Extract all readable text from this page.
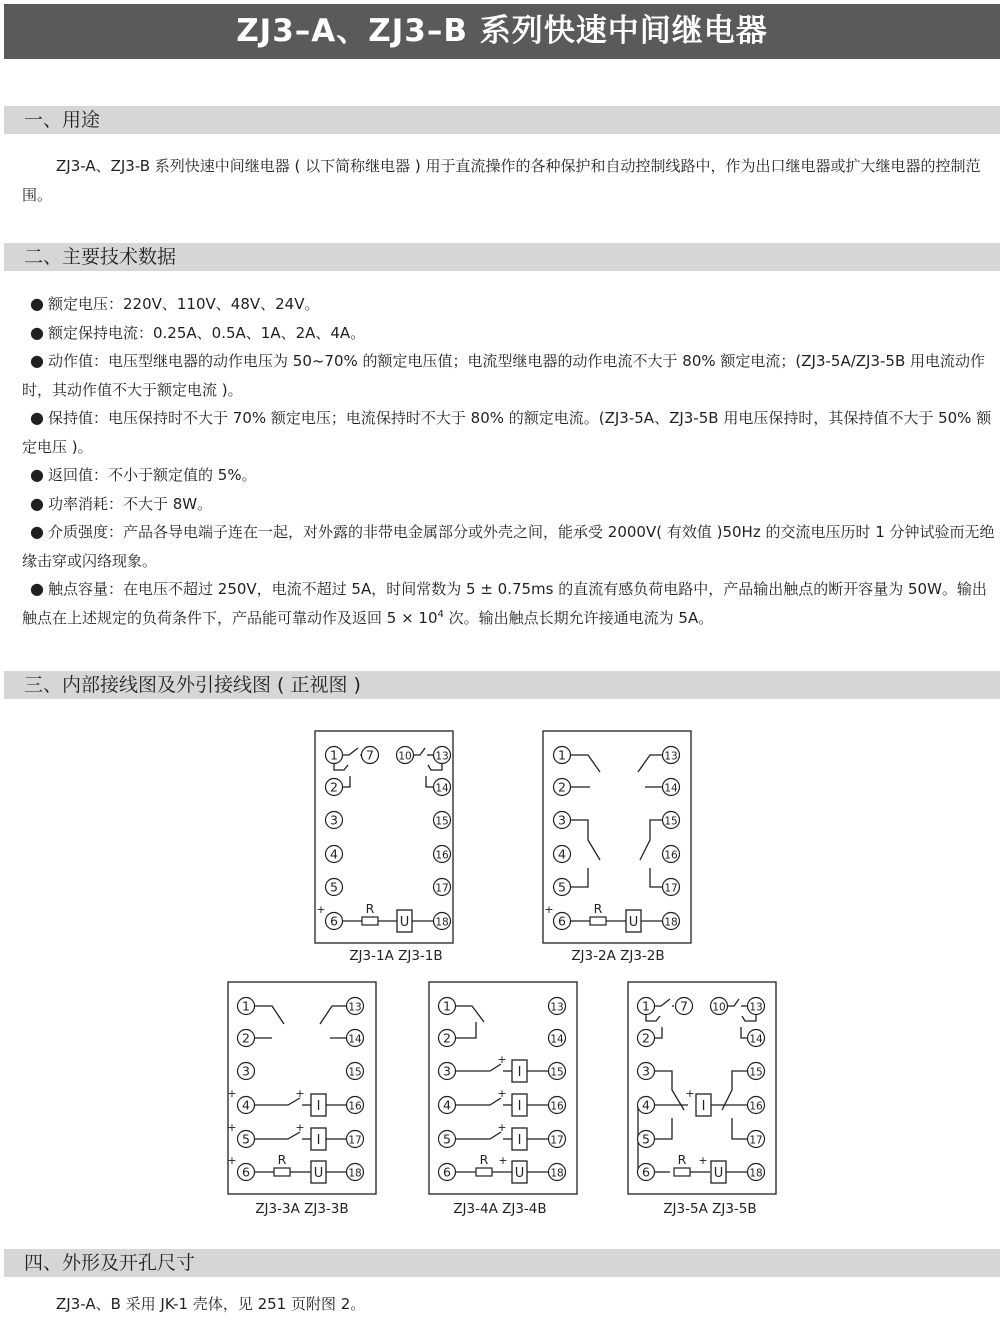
ZJ3–A、ZJ3–B 系列快速中间继电器
一、用途

ZJ3-A、ZJ3-B 系列快速中间继电器 ( 以下简称继电器 ) 用于直流操作的各种保护和自动控制线路中，作为出口继电器或扩大继电器的控制范围。

二、主要技术数据
● 额定电压：220V、110V、48V、24V。
● 额定保持电流：0.25A、0.5A、1A、2A、4A。
● 动作值：电压型继电器的动作电压为 50~70% 的额定电压值；电流型继电器的动作电流不大于 80% 额定电流；(ZJ3-5A/ZJ3-5B 用电流动作时，其动作值不大于额定电流 )。
● 保持值：电压保持时不大于 70% 额定电压；电流保持时不大于 80% 的额定电流。(ZJ3-5A、ZJ3-5B 用电压保持时，其保持值不大于 50% 额定电压 )。
● 返回值：不小于额定值的 5%。
● 功率消耗：不大于 8W。
● 介质强度：产品各导电端子连在一起，对外露的非带电金属部分或外壳之间，能承受 2000V( 有效值 )50Hz 的交流电压历时 1 分钟试验而无绝缘击穿或闪络现象。
● 触点容量：在电压不超过 250V，电流不超过 5A，时间常数为 5 ± 0.75ms 的直流有感负荷电路中，产品输出触点的断开容量为 50W。输出触点在上述规定的负荷条件下，产品能可靠动作及返回 $5 \times 10^4$ 次。输出触点长期允许接通电流为 5A。
三、内部接线图及外引接线图 ( 正视图 )
+	R
U
1 7 10 13
2
3
4
5
6
14
15
16
17
18
ZJ3-1A ZJ3-1B
+	R
U
1
2
3
4
5
6
13
14
15
16
17
18
ZJ3-2A ZJ3-2B
+	+
I
+	+
I
+	R
U
1
2
3
4
5
6
13
14
15
16
17
18
ZJ3-3A ZJ3-3B
+
I
+
I
+
I
R +
U
1
2
3
4
5
6
13
14
15
16
17
18
ZJ3-4A ZJ3-4B
+
I
R +
U
1 7 10 13
2
3
4
5
6
14
15
16
17
18
ZJ3-5A ZJ3-5B
四、外形及开孔尺寸

ZJ3-A、B 采用 JK-1 壳体，见 251 页附图 2。
